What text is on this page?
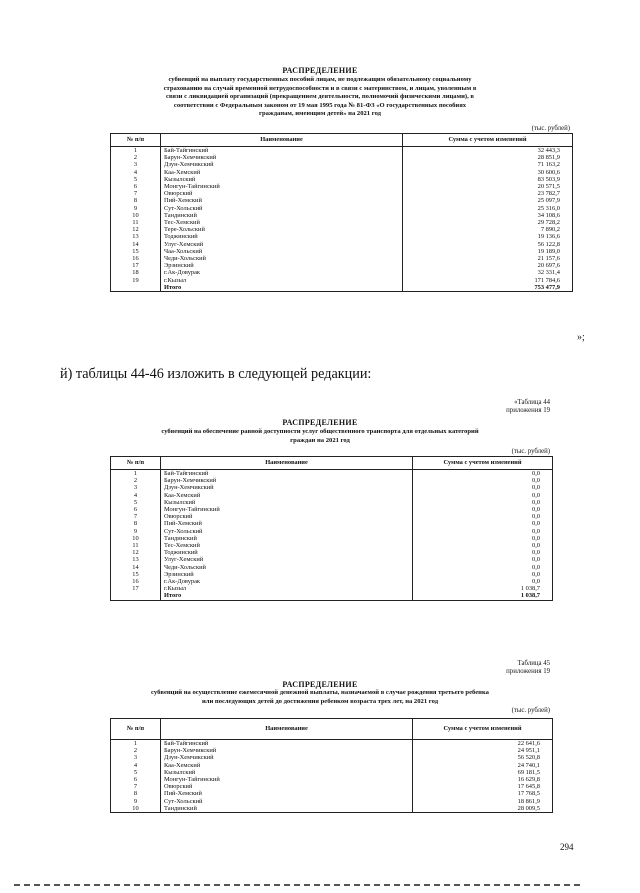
РАСПРЕДЕЛЕНИЕ
субвенций на выплату государственных пособий лицам, не подлежащим обязательному социальному
страхованию на случай временной нетрудоспособности и в связи с материнством, и лицам, уволенным в
связи с ликвидацией организаций (прекращением деятельности, полномочий физическими лицами), в
соответствии с Федеральным законом от 19 мая 1995 года № 81-ФЗ «О государственных пособиях
гражданам, имеющим детей» на 2021 год
(тыс. рублей)
№ п/п	Наименование	Сумма с учетом изменений
1	Бай-Тайгинский	32 443,3
2	Барун-Хемчикский	28 851,9
3	Дзун-Хемчикский	71 163,2
4	Каа-Хемский	30 600,6
5	Кызылский	83 503,9
6	Монгун-Тайгинский	20 571,5
7	Овюрский	23 782,7
8	Пий-Хемский	25 097,9
9	Сут-Хольский	25 316,0
10	Тандинский	34 108,6
11	Тес-Хемский	29 728,2
12	Тере-Хольский	7 890,2
13	Тоджинский	19 136,6
14	Улуг-Хемский	56 122,8
15	Чаа-Хольский	19 189,0
16	Чеди-Хольский	21 157,6
17	Эрзинский	20 697,6
18	г.Ак-Довурак	32 331,4
19	г.Кызыл	171 784,6
	Итого	753 477,9
»;
й) таблицы 44-46 изложить в следующей редакции:
«Таблица 44
приложения 19
РАСПРЕДЕЛЕНИЕ
субвенций на обеспечение равной доступности услуг общественного транспорта для отдельных категорий
граждан на 2021 год
(тыс. рублей)
№ п/п	Наименование	Сумма с учетом изменений
1	Бай-Тайгинский	0,0
2	Барун-Хемчикский	0,0
3	Дзун-Хемчикский	0,0
4	Каа-Хемский	0,0
5	Кызылский	0,0
6	Монгун-Тайгинский	0,0
7	Овюрский	0,0
8	Пий-Хемский	0,0
9	Сут-Хольский	0,0
10	Тандинский	0,0
11	Тес-Хемский	0,0
12	Тоджинский	0,0
13	Улуг-Хемский	0,0
14	Чеди-Хольский	0,0
15	Эрзинский	0,0
16	г.Ак-Довурак	0,0
17	г.Кызыл	1 038,7
	Итого	1 038,7
Таблица 45
приложения 19
РАСПРЕДЕЛЕНИЕ
субвенций на осуществление ежемесячной денежной выплаты, назначаемой в случае рождения третьего ребенка
или последующих детей до достижения ребенком возраста трех лет, на 2021 год
(тыс. рублей)
№ п/п	Наименование	Сумма с учетом изменений
1	Бай-Тайгинский	22 641,6
2	Барун-Хемчикский	24 951,1
3	Дзун-Хемчикский	56 520,8
4	Каа-Хемский	24 740,1
5	Кызылский	69 181,5
6	Монгун-Тайгинский	16 629,8
7	Овюрский	17 645,8
8	Пий-Хемский	17 768,5
9	Сут-Хольский	18 861,9
10	Тандинский	28 009,5
294
